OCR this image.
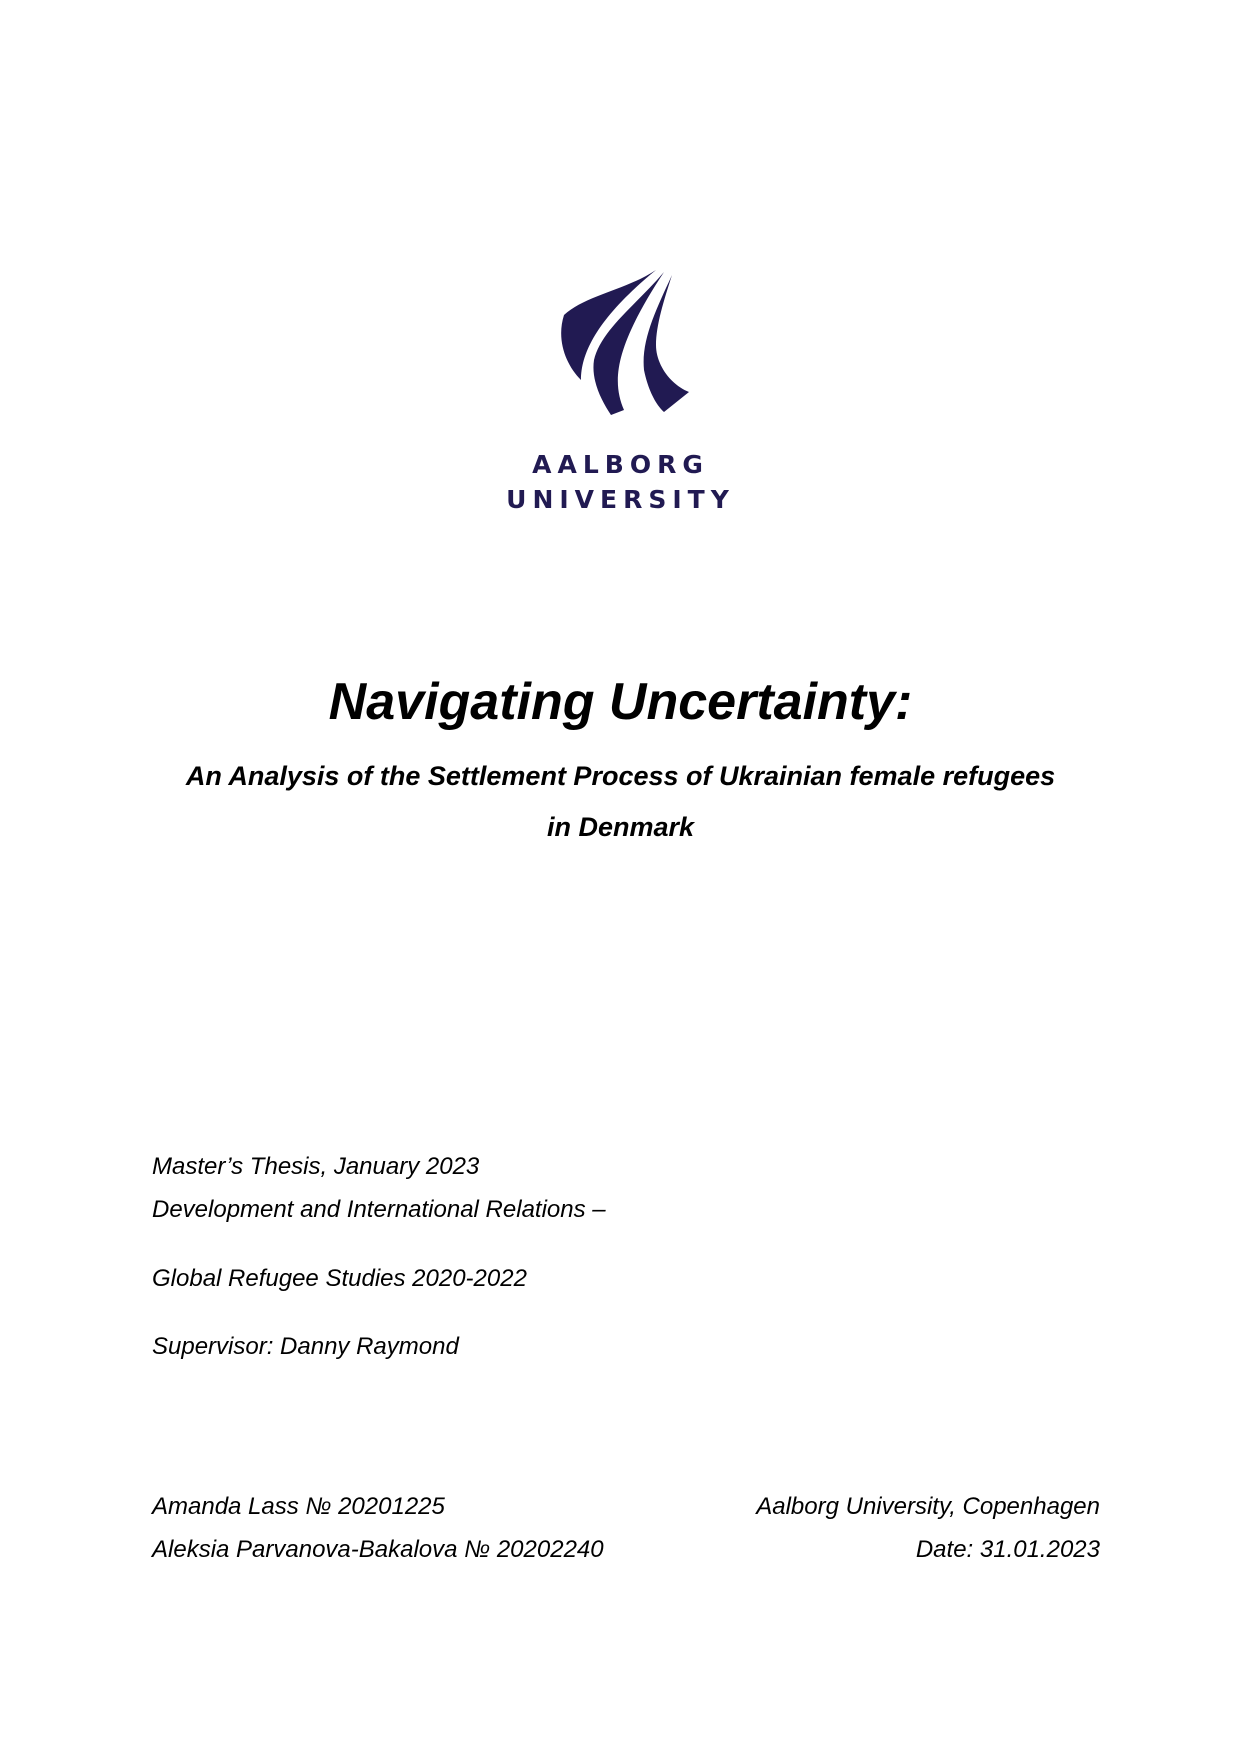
AALBORG
UNIVERSITY
Navigating Uncertainty:
An Analysis of the Settlement Process of Ukrainian female refugees
in Denmark
Master’s Thesis, January 2023
Development and International Relations –
Global Refugee Studies 2020-2022
Supervisor: Danny Raymond
Amanda Lass № 20201225
Aleksia Parvanova-Bakalova № 20202240
Aalborg University, Copenhagen
Date: 31.01.2023
